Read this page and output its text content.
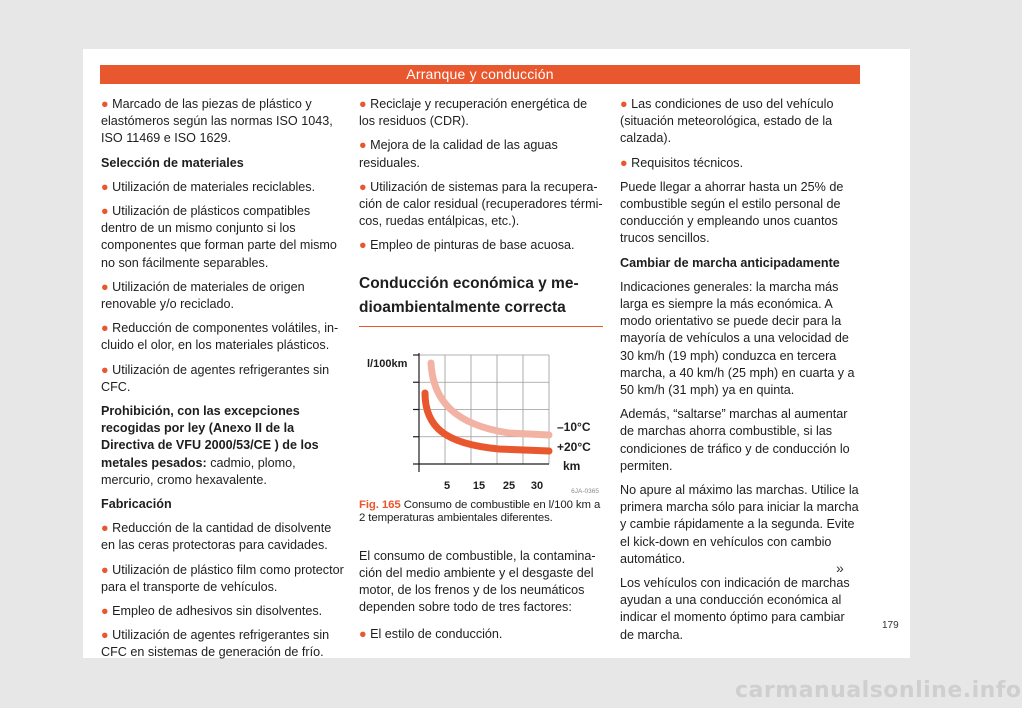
Arranque y conducción

● Marcado de las piezas de plástico y elastómeros según las normas ISO 1043, ISO 11469 e ISO 1629.

Selección de materiales

● Utilización de materiales reciclables.

● Utilización de plásticos compatibles dentro de un mismo conjunto si los componentes que forman parte del mismo no son fácilmente separables.

● Utilización de materiales de origen renovable y/o reciclado.

● Reducción de componentes volátiles, incluido el olor, en los materiales plásticos.

● Utilización de agentes refrigerantes sin CFC.

Prohibición, con las excepciones recogidas por ley (Anexo II de la Directiva de VFU 2000/53/CE ) de los metales pesados: cadmio, plomo, mercurio, cromo hexavalente.

Fabricación

● Reducción de la cantidad de disolvente en las ceras protectoras para cavidades.

● Utilización de plástico film como protector para el transporte de vehículos.

● Empleo de adhesivos sin disolventes.

● Utilización de agentes refrigerantes sin CFC en sistemas de generación de frío.

● Reciclaje y recuperación energética de los residuos (CDR).

● Mejora de la calidad de las aguas residuales.

● Utilización de sistemas para la recuperación de calor residual (recuperadores térmicos, ruedas entálpicas, etc.).

● Empleo de pinturas de base acuosa.

Conducción económica y medioambientalmente correcta
l/100km
–10°C
+20°C
km
5 15 25 30	6JA-0365
Fig. 165 Consumo de combustible en l/100 km a 2 temperaturas ambientales diferentes.

El consumo de combustible, la contaminación del medio ambiente y el desgaste del motor, de los frenos y de los neumáticos dependen sobre todo de tres factores:

● El estilo de conducción.

● Las condiciones de uso del vehículo (situación meteorológica, estado de la calzada).

● Requisitos técnicos.

Puede llegar a ahorrar hasta un 25% de combustible según el estilo personal de conducción y empleando unos cuantos trucos sencillos.

Cambiar de marcha anticipadamente

Indicaciones generales: la marcha más larga es siempre la más económica. A modo orientativo se puede decir para la mayoría de vehículos a una velocidad de 30 km/h (19 mph) conduzca en tercera marcha, a 40 km/h (25 mph) en cuarta y a 50 km/h (31 mph) ya en quinta.

Además, “saltarse” marchas al aumentar de marchas ahorra combustible, si las condiciones de tráfico y de conducción lo permiten.

No apure al máximo las marchas. Utilice la primera marcha sólo para iniciar la marcha y cambie rápidamente a la segunda. Evite el kick-down en vehículos con cambio automático.

Los vehículos con indicación de marchas ayudan a una conducción económica al indicar el momento óptimo para cambiar de marcha.

»
179
carmanualsonline.info
